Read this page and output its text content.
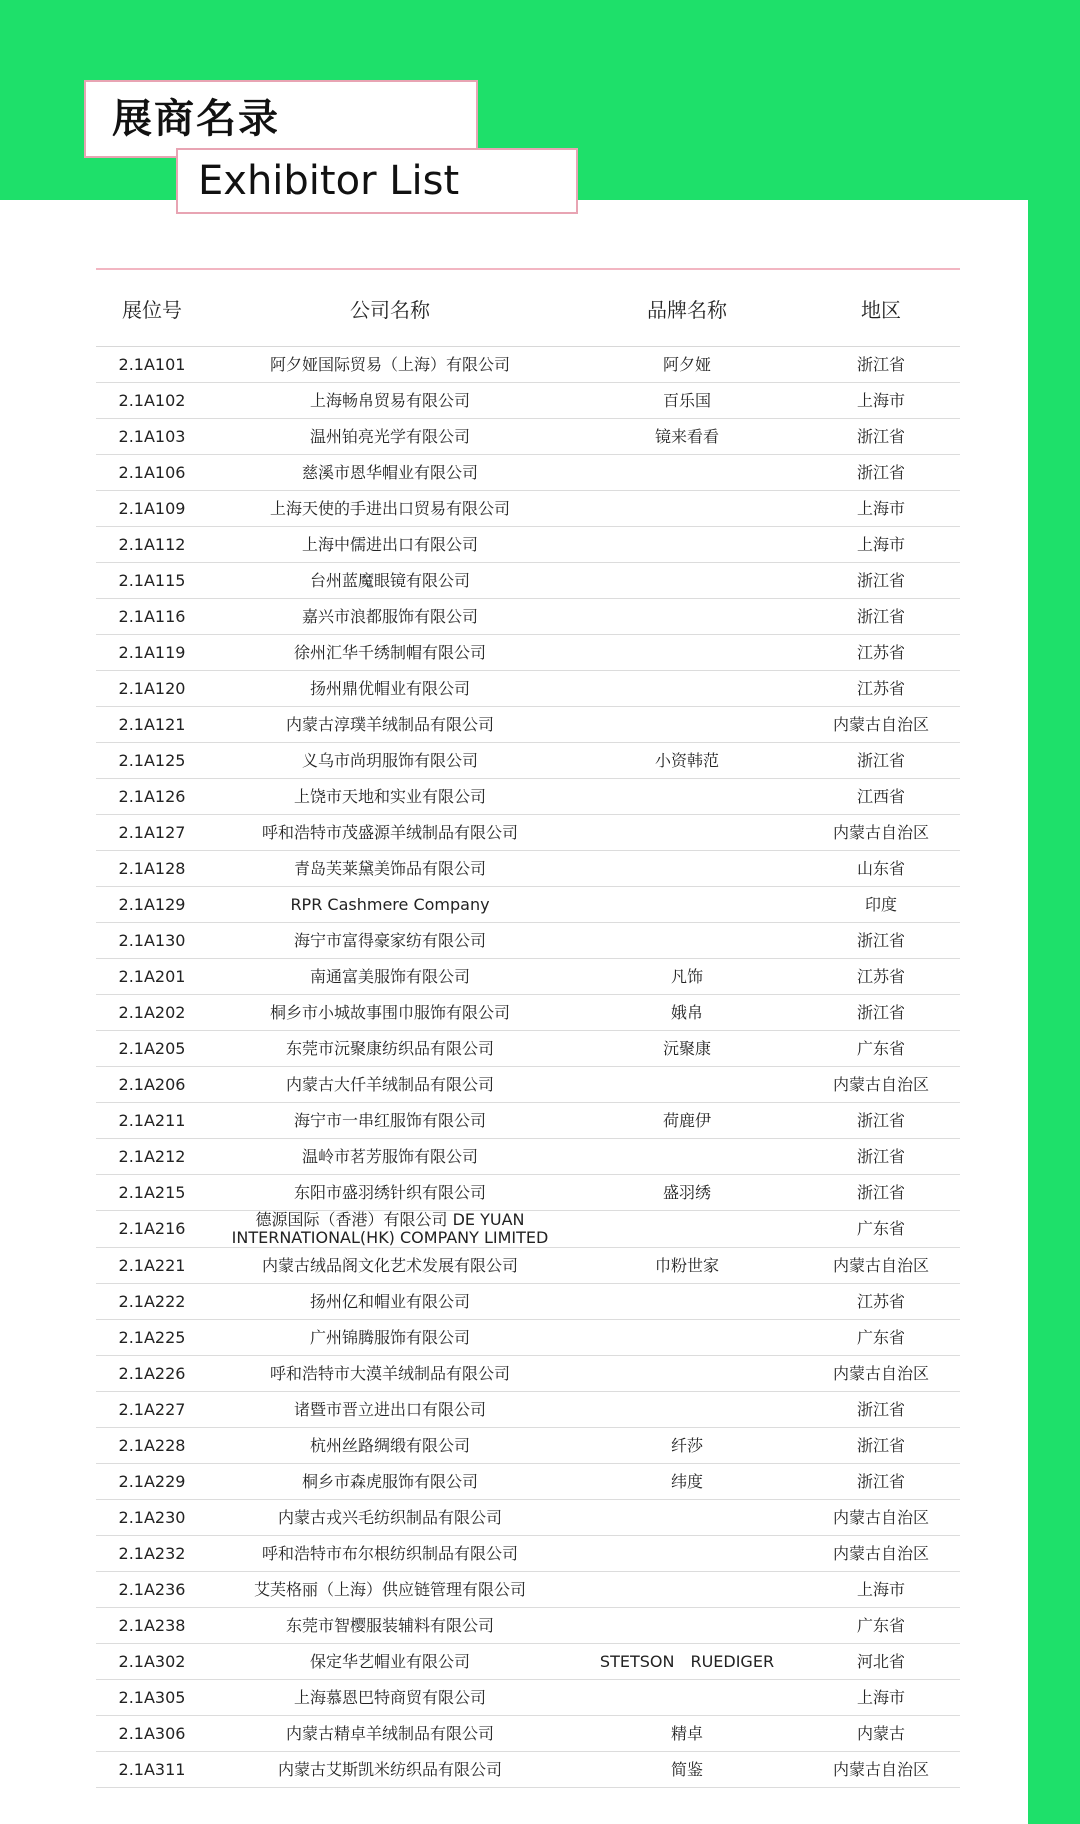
展商名录
Exhibitor List
展位号	公司名称	品牌名称	地区
2.1A101	阿夕娅国际贸易（上海）有限公司	阿夕娅	浙江省
2.1A102	上海畅帛贸易有限公司	百乐国	上海市
2.1A103	温州铂亮光学有限公司	镜来看看	浙江省
2.1A106	慈溪市恩华帽业有限公司		浙江省
2.1A109	上海天使的手进出口贸易有限公司		上海市
2.1A112	上海中儒进出口有限公司		上海市
2.1A115	台州蓝魔眼镜有限公司		浙江省
2.1A116	嘉兴市浪都服饰有限公司		浙江省
2.1A119	徐州汇华千绣制帽有限公司		江苏省
2.1A120	扬州鼎优帽业有限公司		江苏省
2.1A121	内蒙古淳璞羊绒制品有限公司		内蒙古自治区
2.1A125	义乌市尚玥服饰有限公司	小资韩范	浙江省
2.1A126	上饶市天地和实业有限公司		江西省
2.1A127	呼和浩特市茂盛源羊绒制品有限公司		内蒙古自治区
2.1A128	青岛芙莱黛美饰品有限公司		山东省
2.1A129	RPR Cashmere Company		印度
2.1A130	海宁市富得豪家纺有限公司		浙江省
2.1A201	南通富美服饰有限公司	凡饰	江苏省
2.1A202	桐乡市小城故事围巾服饰有限公司	娥帛	浙江省
2.1A205	东莞市沅聚康纺织品有限公司	沅聚康	广东省
2.1A206	内蒙古大仟羊绒制品有限公司		内蒙古自治区
2.1A211	海宁市一串红服饰有限公司	荷鹿伊	浙江省
2.1A212	温岭市茗芳服饰有限公司		浙江省
2.1A215	东阳市盛羽绣针织有限公司	盛羽绣	浙江省
2.1A216	德源国际（香港）有限公司 DE YUAN INTERNATIONAL(HK) COMPANY LIMITED		广东省
2.1A221	内蒙古绒品阁文化艺术发展有限公司	巾粉世家	内蒙古自治区
2.1A222	扬州亿和帽业有限公司		江苏省
2.1A225	广州锦腾服饰有限公司		广东省
2.1A226	呼和浩特市大漠羊绒制品有限公司		内蒙古自治区
2.1A227	诸暨市晋立进出口有限公司		浙江省
2.1A228	杭州丝路绸缎有限公司	纤莎	浙江省
2.1A229	桐乡市森虎服饰有限公司	纬度	浙江省
2.1A230	内蒙古戎兴毛纺织制品有限公司		内蒙古自治区
2.1A232	呼和浩特市布尔根纺织制品有限公司		内蒙古自治区
2.1A236	艾芙格丽（上海）供应链管理有限公司		上海市
2.1A238	东莞市智樱服装辅料有限公司		广东省
2.1A302	保定华艺帽业有限公司	STETSON　RUEDIGER	河北省
2.1A305	上海慕恩巴特商贸有限公司		上海市
2.1A306	内蒙古精卓羊绒制品有限公司	精卓	内蒙古
2.1A311	内蒙古艾斯凯米纺织品有限公司	简鉴	内蒙古自治区
